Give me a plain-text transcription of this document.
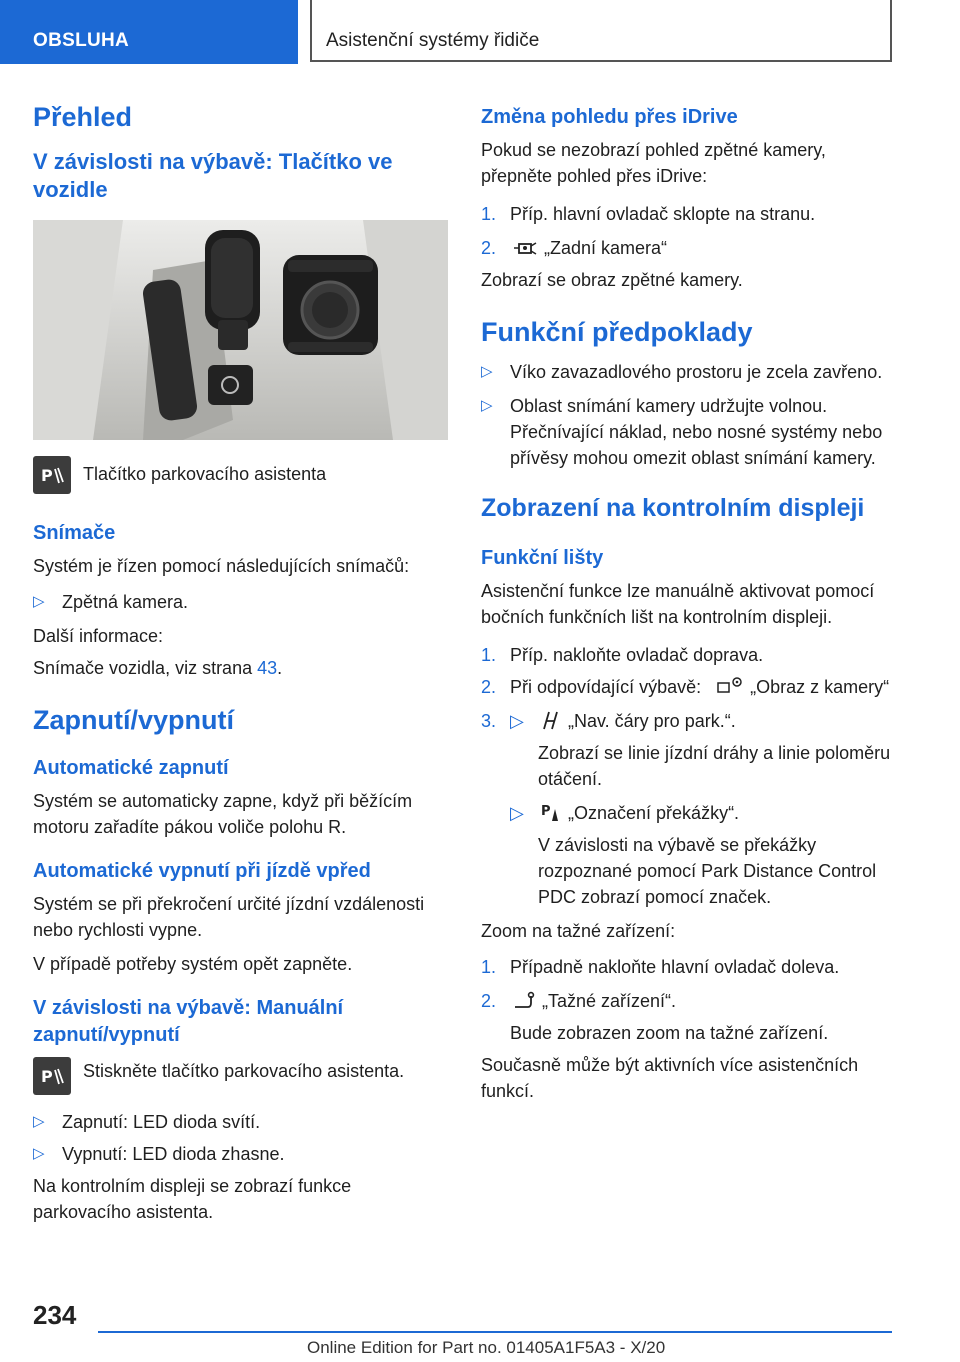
OBSLUHA	Asistenční systémy řidiče
Přehled
V závislosti na výbavě: Tlačítko ve vozidle
P Tlačítko parkovacího asistenta

Snímače

Systém je řízen pomocí následujících snímačů:

▷ Zpětná kamera.

Další informace:

Snímače vozidla, viz strana 43.

Zapnutí/vypnutí
Automatické zapnutí

Systém se automaticky zapne, když při běžícím motoru zařadíte pákou voliče polohu R.

Automatické vypnutí při jízdě vpřed

Systém se při překročení určité jízdní vzdálenosti nebo rychlosti vypne.

V případě potřeby systém opět zapněte.

V závislosti na výbavě: Manuální zapnutí/vypnutí
P Stiskněte tlačítko parkovacího asistenta.

▷ Zapnutí: LED dioda svítí.
▷ Vypnutí: LED dioda zhasne.

Na kontrolním displeji se zobrazí funkce parkovacího asistenta.

Změna pohledu přes iDrive

Pokud se nezobrazí pohled zpětné kamery, přepněte pohled přes iDrive:

1. Příp. hlavní ovladač sklopte na stranu.
2.	„Zadní kamera“

Zobrazí se obraz zpětné kamery.

Funkční předpoklady
▷ Víko zavazadlového prostoru je zcela zavřeno.
▷ Oblast snímání kamery udržujte volnou. Přečnívající náklad, nebo nosné systémy nebo přívěsy mohou omezit oblast snímání kamery.
Zobrazení na kontrolním displeji
Funkční lišty

Asistenční funkce lze manuálně aktivovat pomocí bočních funkčních lišt na kontrolním displeji.

1. Příp. nakloňte ovladač doprava.
2. Při odpovídající výbavě:	„Obraz z kamery“
3. ▷ „Nav. čáry pro park.“.
Zobrazí se linie jízdní dráhy a linie poloměru otáčení.
▷ P „Označení překážky“.
V závislosti na výbavě se překážky rozpoznané pomocí Park Distance Control PDC zobrazí pomocí značek.

Zoom na tažné zařízení:

1. Případně nakloňte hlavní ovladač doleva.
2.	„Tažné zařízení“.
Bude zobrazen zoom na tažné zařízení.

Současně může být aktivních více asistenčních funkcí.

234
Online Edition for Part no. 01405A1F5A3 - X/20
